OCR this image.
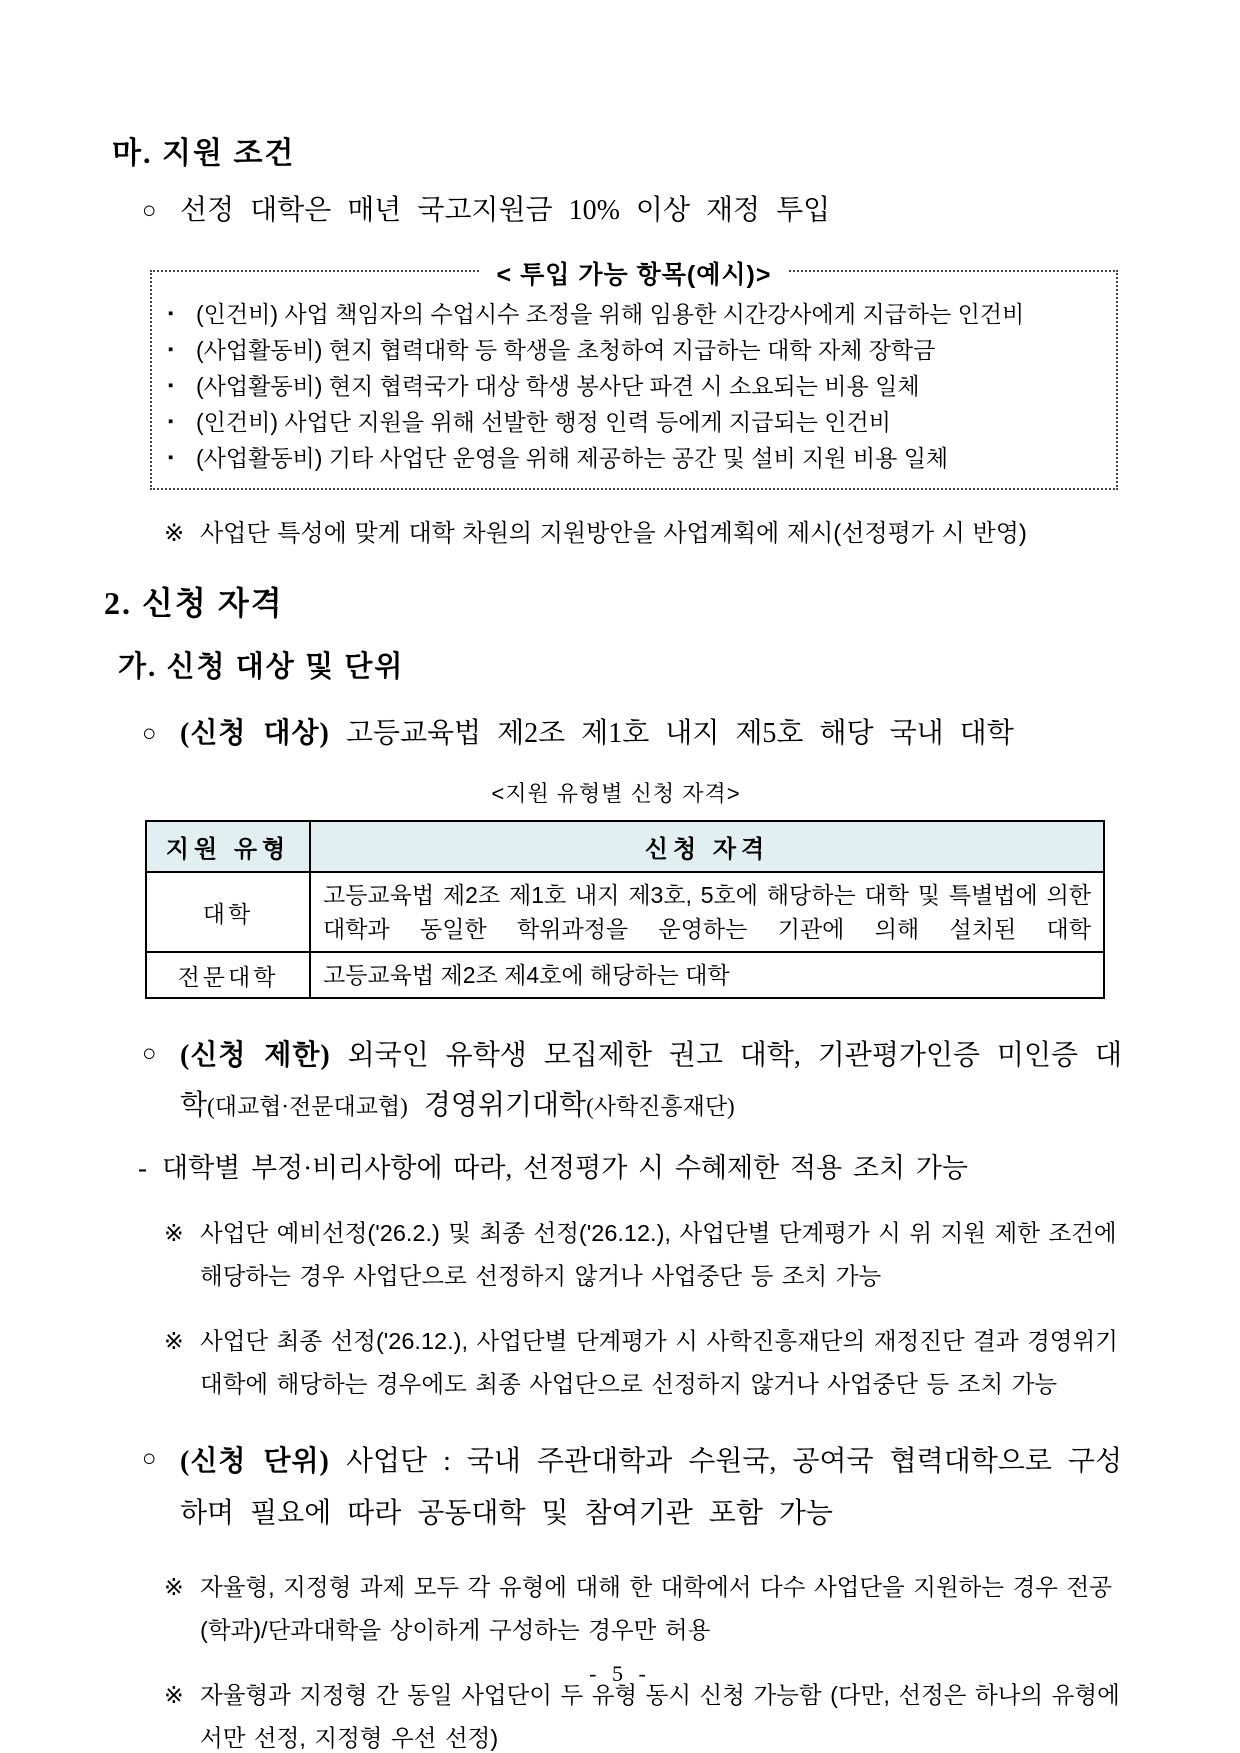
마. 지원 조건
○ 선정 대학은 매년 국고지원금 10% 이상 재정 투입
< 투입 가능 항목(예시)>
▪ (인건비) 사업 책임자의 수업시수 조정을 위해 임용한 시간강사에게 지급하는 인건비
▪ (사업활동비) 현지 협력대학 등 학생을 초청하여 지급하는 대학 자체 장학금
▪ (사업활동비) 현지 협력국가 대상 학생 봉사단 파견 시 소요되는 비용 일체
▪ (인건비) 사업단 지원을 위해 선발한 행정 인력 등에게 지급되는 인건비
▪ (사업활동비) 기타 사업단 운영을 위해 제공하는 공간 및 설비 지원 비용 일체
※ 사업단 특성에 맞게 대학 차원의 지원방안을 사업계획에 제시(선정평가 시 반영)
2. 신청 자격
가. 신청 대상 및 단위
○ (신청 대상) 고등교육법 제2조 제1호 내지 제5호 해당 국내 대학
<지원 유형별 신청 자격>
지원 유형	신청 자격
대학	고등교육법 제2조 제1호 내지 제3호, 5호에 해당하는 대학 및 특별법에 의한 대학과 동일한 학위과정을 운영하는 기관에 의해 설치된 대학
전문대학	고등교육법 제2조 제4호에 해당하는 대학
○ (신청 제한) 외국인 유학생 모집제한 권고 대학, 기관평가인증 미인증 대학(대교협·전문대교협) 경영위기대학(사학진흥재단)
- 대학별 부정·비리사항에 따라, 선정평가 시 수혜제한 적용 조치 가능
※ 사업단 예비선정('26.2.) 및 최종 선정('26.12.), 사업단별 단계평가 시 위 지원 제한 조건에 해당하는 경우 사업단으로 선정하지 않거나 사업중단 등 조치 가능
※ 사업단 최종 선정('26.12.), 사업단별 단계평가 시 사학진흥재단의 재정진단 결과 경영위기 대학에 해당하는 경우에도 최종 사업단으로 선정하지 않거나 사업중단 등 조치 가능
○ (신청 단위) 사업단 : 국내 주관대학과 수원국, 공여국 협력대학으로 구성하며 필요에 따라 공동대학 및 참여기관 포함 가능
※ 자율형, 지정형 과제 모두 각 유형에 대해 한 대학에서 다수 사업단을 지원하는 경우 전공(학과)/단과대학을 상이하게 구성하는 경우만 허용
※ 자율형과 지정형 간 동일 사업단이 두 유형 동시 신청 가능함 (다만, 선정은 하나의 유형에서만 선정, 지정형 우선 선정)
- 5 -
